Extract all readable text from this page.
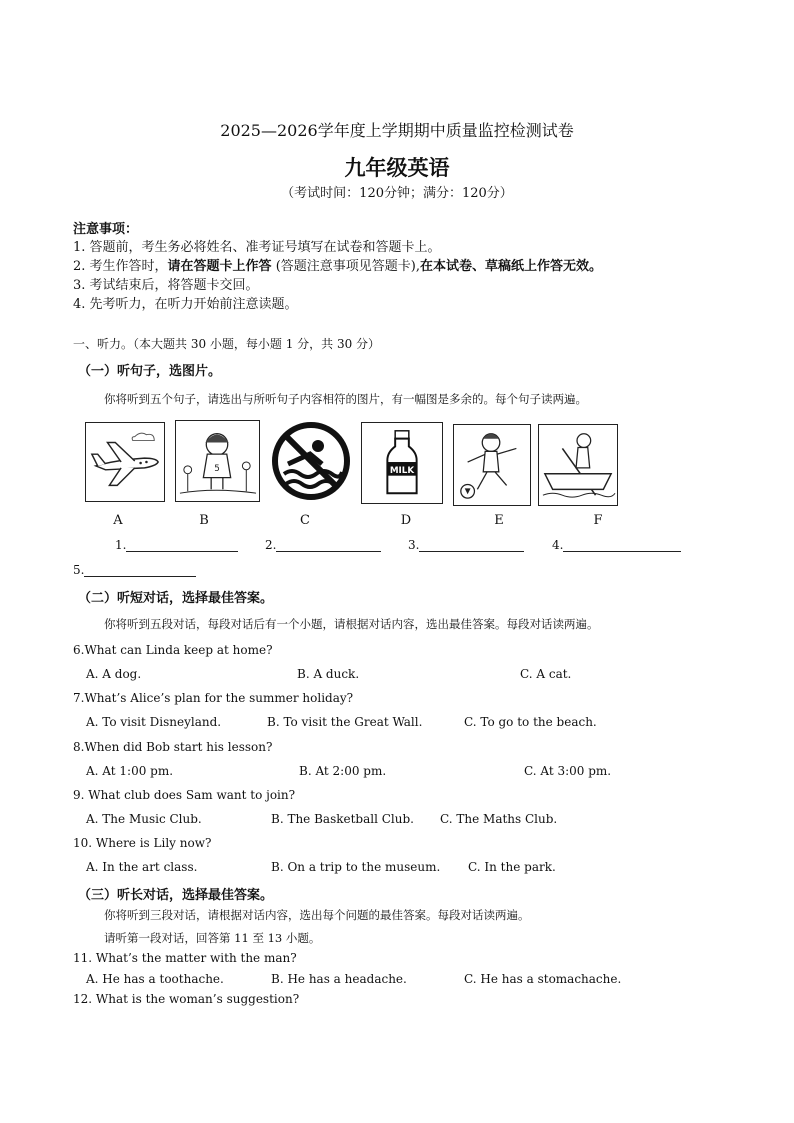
2025—2026学年度上学期期中质量监控检测试卷
九年级英语
（考试时间：120分钟；满分：120分）
注意事项：
1. 答题前，考生务必将姓名、准考证号填写在试卷和答题卡上。
2. 考生作答时，请在答题卡上作答 (答题注意事项见答题卡),在本试卷、草稿纸上作答无效。
3. 考试结束后，将答题卡交回。
4. 先考听力，在听力开始前注意读题。
一、听力。（本大题共 30 小题，每小题 1 分，共 30 分）
（一）听句子，选图片。
你将听到五个句子，请选出与所听句子内容相符的图片，有一幅图是多余的。每个句子读两遍。
5	MILK
A	B	C	D	E	F
1.	2.	3.	4.
5.
（二）听短对话，选择最佳答案。
你将听到五段对话，每段对话后有一个小题，请根据对话内容，选出最佳答案。每段对话读两遍。
6.What can Linda keep at home?
A. A dog.	B. A duck.	C. A cat.
7.What’s Alice’s plan for the summer holiday?
A. To visit Disneyland.	B. To visit the Great Wall.	C. To go to the beach.
8.When did Bob start his lesson?
A. At 1:00 pm.	B. At 2:00 pm.	C. At 3:00 pm.
9. What club does Sam want to join?
A. The Music Club.	B. The Basketball Club. C. The Maths Club.
10. Where is Lily now?
A. In the art class.	B. On a trip to the museum. C. In the park.
（三）听长对话，选择最佳答案。
你将听到三段对话，请根据对话内容，选出每个问题的最佳答案。每段对话读两遍。
请听第一段对话，回答第 11 至 13 小题。
11. What’s the matter with the man?
A. He has a toothache.	B. He has a headache.	C. He has a stomachache.
12. What is the woman’s suggestion?
